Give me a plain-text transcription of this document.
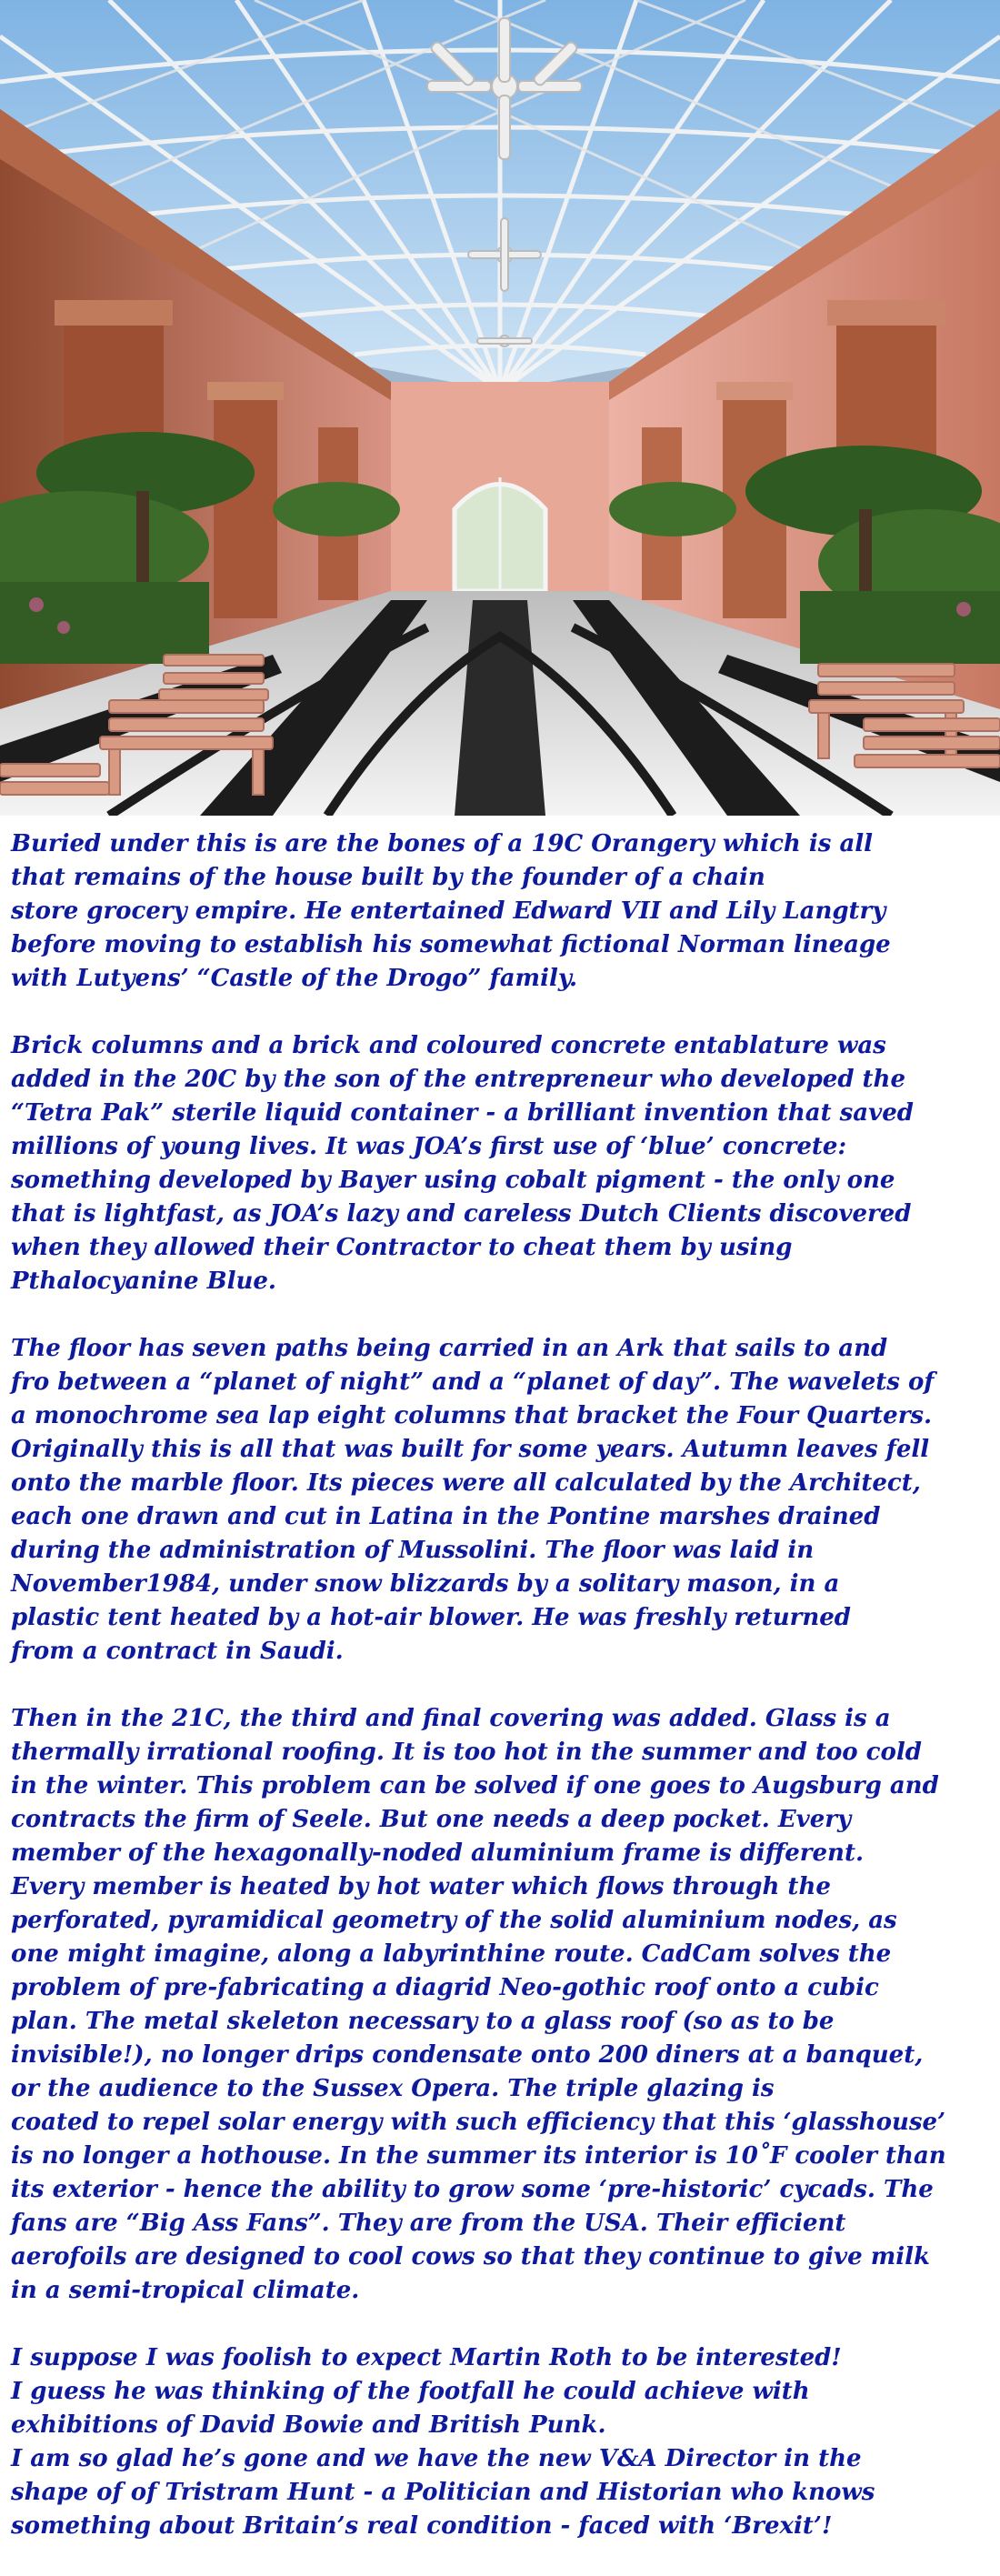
Buried under this is are the bones of a 19C Orangery which is all
that remains of the house built by the founder of a chain
store grocery empire. He entertained Edward VII and Lily Langtry
before moving to establish his somewhat fictional Norman lineage
with Lutyens’ “Castle of the Drogo” family.

Brick columns and a brick and coloured concrete entablature was
added in the 20C by the son of the entrepreneur who developed the
“Tetra Pak” sterile liquid container - a brilliant invention that saved
millions of young lives. It was JOA’s first use of ‘blue’ concrete:
something developed by Bayer using cobalt pigment - the only one
that is lightfast, as JOA’s lazy and careless Dutch Clients discovered
when they allowed their Contractor to cheat them by using
Pthalocyanine Blue.

The floor has seven paths being carried in an Ark that sails to and
fro between a “planet of night” and a “planet of day”. The wavelets of
a monochrome sea lap eight columns that bracket the Four Quarters.
Originally this is all that was built for some years. Autumn leaves fell
onto the marble floor. Its pieces were all calculated by the Architect,
each one drawn and cut in Latina in the Pontine marshes drained
during the administration of Mussolini. The floor was laid in
November1984, under snow blizzards by a solitary mason, in a
plastic tent heated by a hot-air blower. He was freshly returned
from a contract in Saudi.

Then in the 21C, the third and final covering was added. Glass is a
thermally irrational roofing. It is too hot in the summer and too cold
in the winter. This problem can be solved if one goes to Augsburg and
contracts the firm of Seele. But one needs a deep pocket. Every
member of the hexagonally-noded aluminium frame is different.
Every member is heated by hot water which flows through the
perforated, pyramidical geometry of the solid aluminium nodes, as
one might imagine, along a labyrinthine route. CadCam solves the
problem of pre-fabricating a diagrid Neo-gothic roof onto a cubic
plan. The metal skeleton necessary to a glass roof (so as to be
invisible!), no longer drips condensate onto 200 diners at a banquet,
or the audience to the Sussex Opera. The triple glazing is
coated to repel solar energy with such efficiency that this ‘glasshouse’
is no longer a hothouse. In the summer its interior is 10˚F cooler than
its exterior - hence the ability to grow some ‘pre-historic’ cycads. The
fans are “Big Ass Fans”. They are from the USA. Their efficient
aerofoils are designed to cool cows so that they continue to give milk
in a semi-tropical climate.

I suppose I was foolish to expect Martin Roth to be interested!
I guess he was thinking of the footfall he could achieve with
exhibitions of David Bowie and British Punk.
I am so glad he’s gone and we have the new V&A Director in the
shape of of Tristram Hunt - a Politician and Historian who knows
something about Britain’s real condition - faced with ‘Brexit’!
